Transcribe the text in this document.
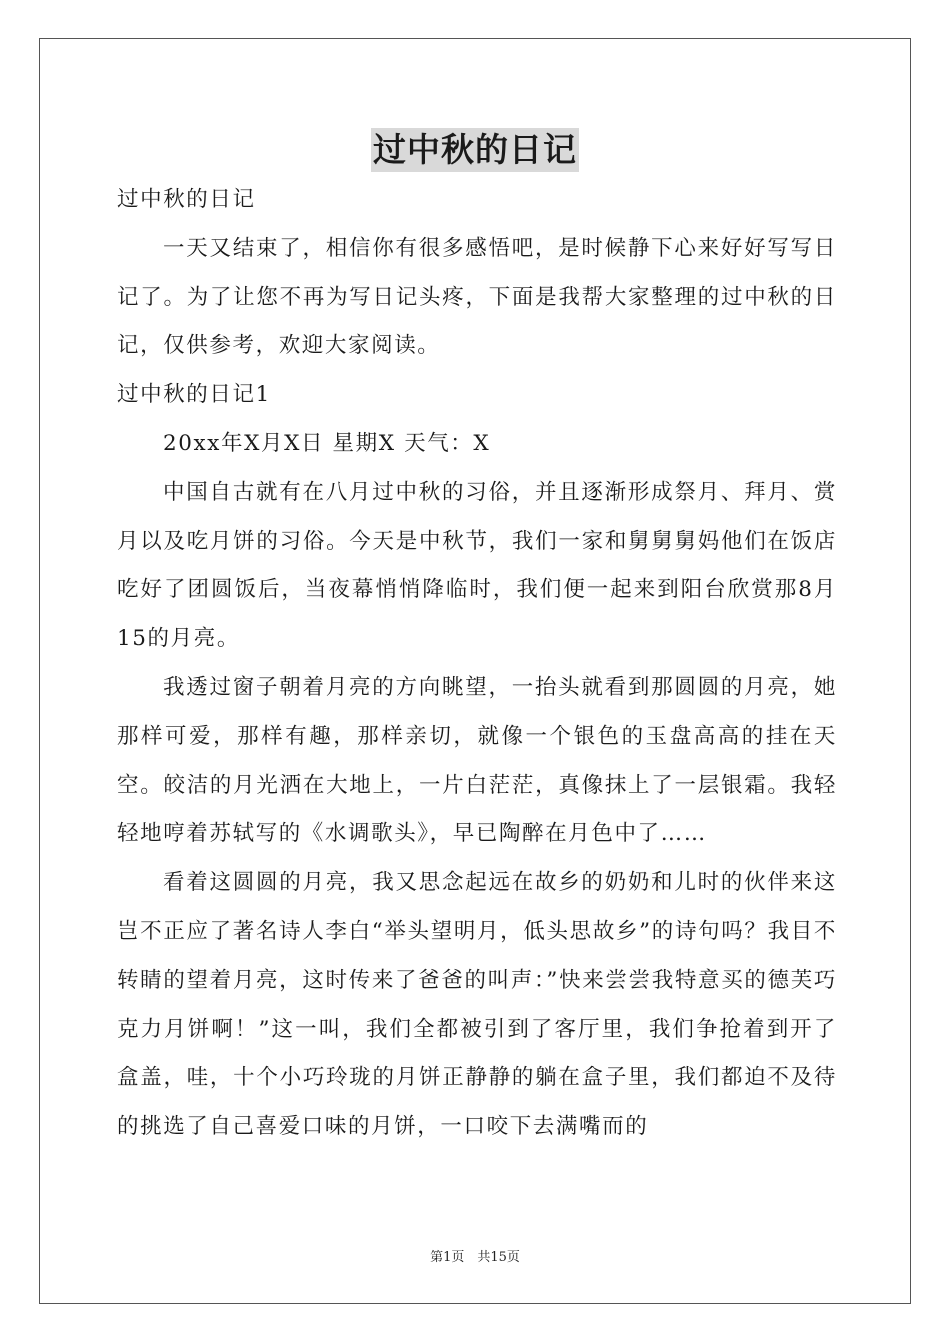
过中秋的日记

过中秋的日记

一天又结束了，相信你有很多感悟吧，是时候静下心来好好写写日记了。为了让您不再为写日记头疼，下面是我帮大家整理的过中秋的日记，仅供参考，欢迎大家阅读。

过中秋的日记1

20xx年X月X日 星期X 天气：X

中国自古就有在八月过中秋的习俗，并且逐渐形成祭月、拜月、赏月以及吃月饼的习俗。今天是中秋节，我们一家和舅舅舅妈他们在饭店吃好了团圆饭后，当夜幕悄悄降临时，我们便一起来到阳台欣赏那8月15的月亮。

我透过窗子朝着月亮的方向眺望，一抬头就看到那圆圆的月亮，她那样可爱，那样有趣，那样亲切，就像一个银色的玉盘高高的挂在天空。皎洁的月光洒在大地上，一片白茫茫，真像抹上了一层银霜。我轻轻地哼着苏轼写的《水调歌头》，早已陶醉在月色中了……

看着这圆圆的月亮，我又思念起远在故乡的奶奶和儿时的伙伴来这岂不正应了著名诗人李白“举头望明月，低头思故乡”的诗句吗？我目不转睛的望着月亮，这时传来了爸爸的叫声：”快来尝尝我特意买的德芙巧克力月饼啊！”这一叫，我们全都被引到了客厅里，我们争抢着到开了盒盖，哇，十个小巧玲珑的月饼正静静的躺在盒子里，我们都迫不及待的挑选了自己喜爱口味的月饼，一口咬下去满嘴而的

第1页　共15页
